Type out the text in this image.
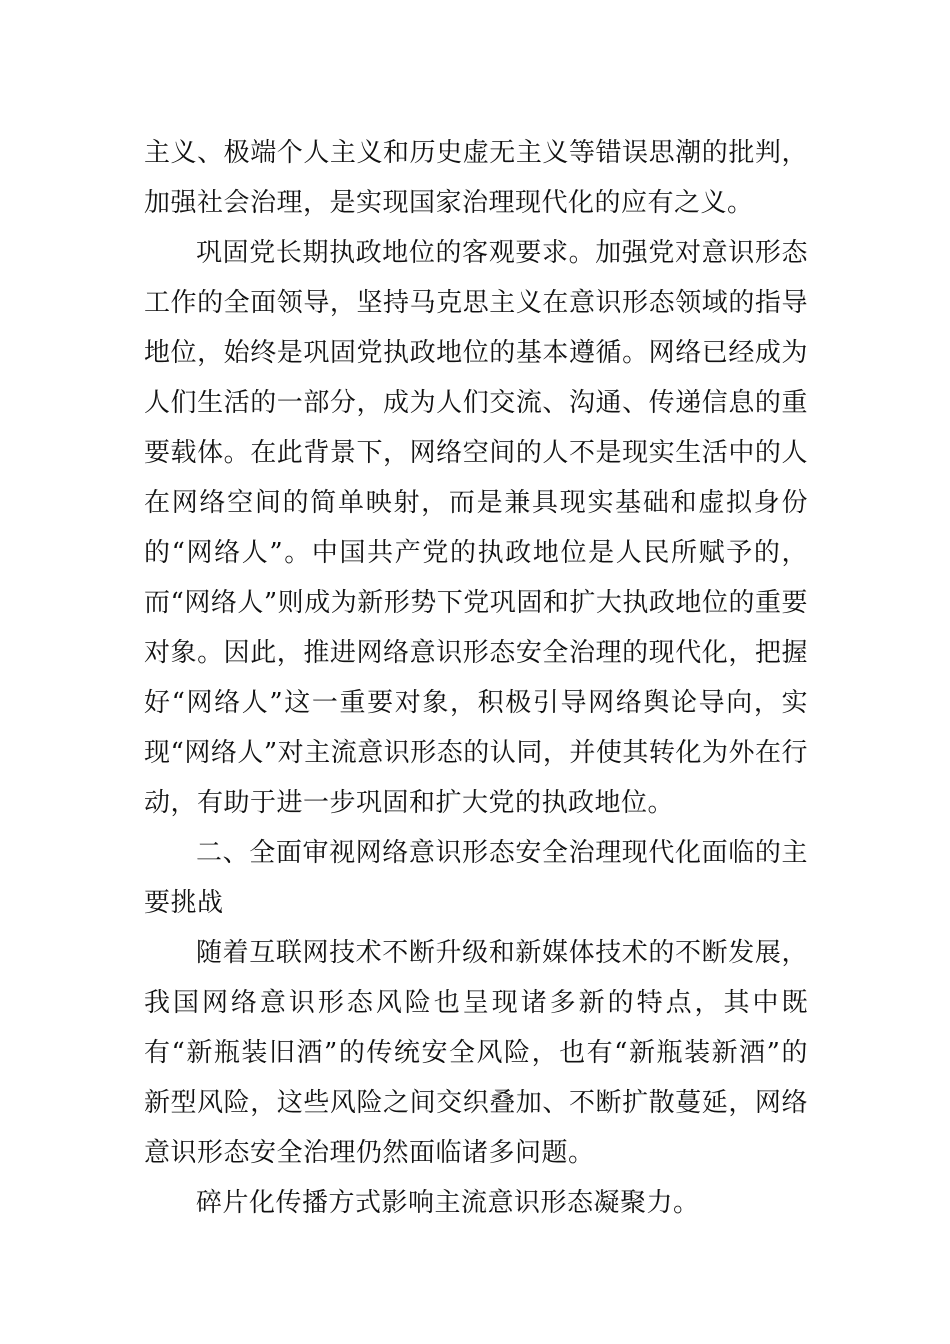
主义、极端个人主义和历史虚无主义等错误思潮的批判，加强社会治理，是实现国家治理现代化的应有之义。

巩固党长期执政地位的客观要求。加强党对意识形态工作的全面领导，坚持马克思主义在意识形态领域的指导地位，始终是巩固党执政地位的基本遵循。网络已经成为人们生活的一部分，成为人们交流、沟通、传递信息的重要载体。在此背景下，网络空间的人不是现实生活中的人在网络空间的简单映射，而是兼具现实基础和虚拟身份的“网络人”。中国共产党的执政地位是人民所赋予的，而“网络人”则成为新形势下党巩固和扩大执政地位的重要对象。因此，推进网络意识形态安全治理的现代化，把握好“网络人”这一重要对象，积极引导网络舆论导向，实现“网络人”对主流意识形态的认同，并使其转化为外在行动，有助于进一步巩固和扩大党的执政地位。

二、全面审视网络意识形态安全治理现代化面临的主要挑战

随着互联网技术不断升级和新媒体技术的不断发展，我国网络意识形态风险也呈现诸多新的特点，其中既有“新瓶装旧酒”的传统安全风险，也有“新瓶装新酒”的新型风险，这些风险之间交织叠加、不断扩散蔓延，网络意识形态安全治理仍然面临诸多问题。

碎片化传播方式影响主流意识形态凝聚力。
